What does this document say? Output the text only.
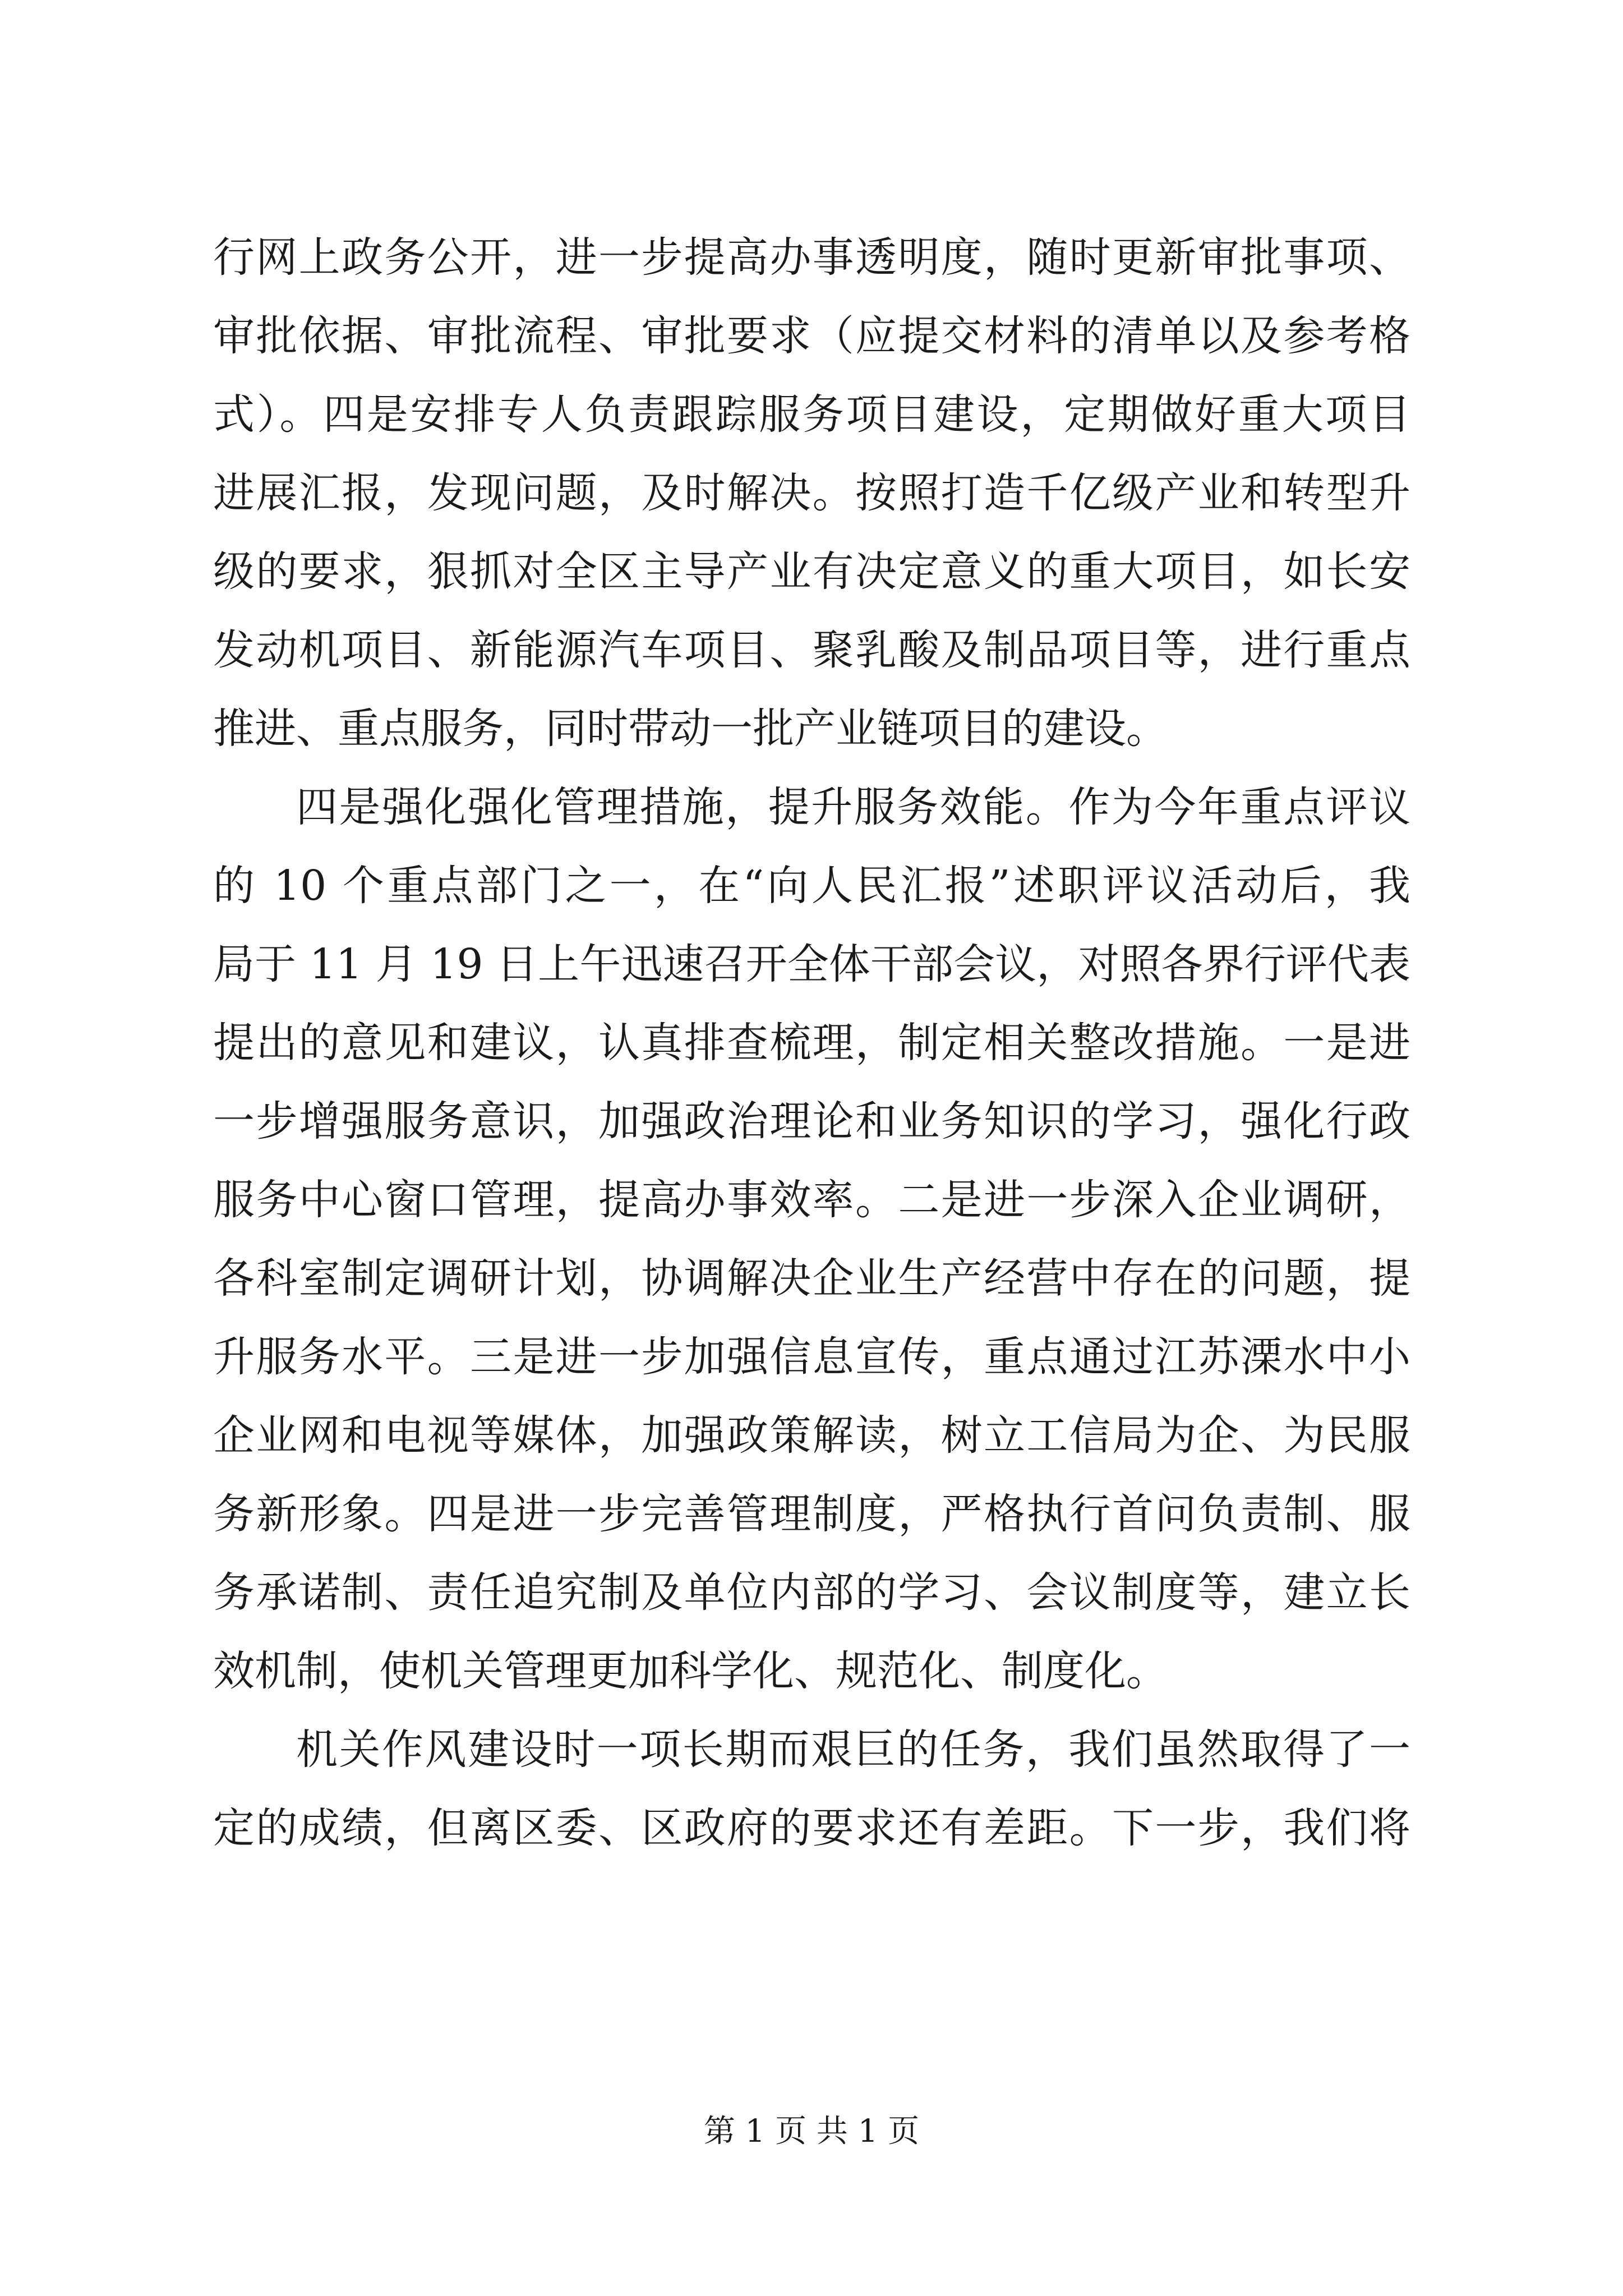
行网上政务公开，进一步提高办事透明度，随时更新审批事项、
审批依据、审批流程、审批要求（应提交材料的清单以及参考格
式）。四是安排专人负责跟踪服务项目建设，定期做好重大项目
进展汇报，发现问题，及时解决。按照打造千亿级产业和转型升
级的要求，狠抓对全区主导产业有决定意义的重大项目，如长安
发动机项目、新能源汽车项目、聚乳酸及制品项目等，进行重点
推进、重点服务，同时带动一批产业链项目的建设。
四是强化强化管理措施，提升服务效能。作为今年重点评议
的 10 个重点部门之一，在“向人民汇报”述职评议活动后，我
局于 11 月 19 日上午迅速召开全体干部会议，对照各界行评代表
提出的意见和建议，认真排查梳理，制定相关整改措施。一是进
一步增强服务意识，加强政治理论和业务知识的学习，强化行政
服务中心窗口管理，提高办事效率。二是进一步深入企业调研，
各科室制定调研计划，协调解决企业生产经营中存在的问题，提
升服务水平。三是进一步加强信息宣传，重点通过江苏溧水中小
企业网和电视等媒体，加强政策解读，树立工信局为企、为民服
务新形象。四是进一步完善管理制度，严格执行首问负责制、服
务承诺制、责任追究制及单位内部的学习、会议制度等，建立长
效机制，使机关管理更加科学化、规范化、制度化。
机关作风建设时一项长期而艰巨的任务，我们虽然取得了一
定的成绩，但离区委、区政府的要求还有差距。下一步，我们将
第 1 页 共 1 页
